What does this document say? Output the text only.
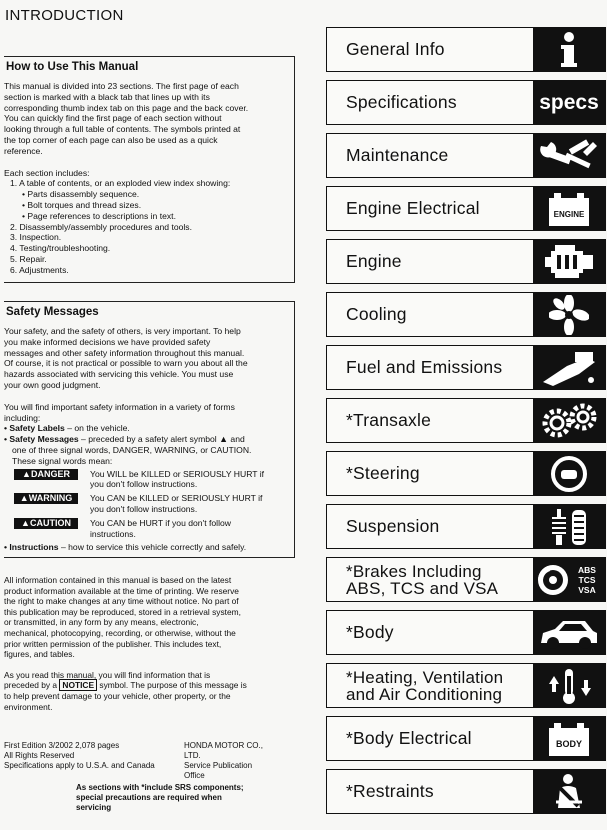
INTRODUCTION
How to Use This Manual

This manual is divided into 23 sections. The first page of each

section is marked with a black tab that lines up with its

corresponding thumb index tab on this page and the back cover.

You can quickly find the first page of each section without

looking through a full table of contents. The symbols printed at

the top corner of each page can also be used as a quick

reference.

Each section includes:

1. A table of contents, or an exploded view index showing:

• Parts disassembly sequence.

• Bolt torques and thread sizes.

• Page references to descriptions in text.

2. Disassembly/assembly procedures and tools.

3. Inspection.

4. Testing/troubleshooting.

5. Repair.

6. Adjustments.

Safety Messages

Your safety, and the safety of others, is very important. To help

you make informed decisions we have provided safety

messages and other safety information throughout this manual.

Of course, it is not practical or possible to warn you about all the

hazards associated with servicing this vehicle. You must use

your own good judgment.

You will find important safety information in a variety of forms

including:

• Safety Labels – on the vehicle.

• Safety Messages – preceded by a safety alert symbol ▲ and

one of three signal words, DANGER, WARNING, or CAUTION.

These signal words mean:

▲DANGER	You WILL be KILLED or SERIOUSLY HURT if
you don't follow instructions.
▲WARNING	You CAN be KILLED or SERIOUSLY HURT if
you don't follow instructions.
▲CAUTION	You CAN be HURT if you don't follow
instructions.

• Instructions – how to service this vehicle correctly and safely.

All information contained in this manual is based on the latest

product information available at the time of printing. We reserve

the right to make changes at any time without notice. No part of

this publication may be reproduced, stored in a retrieval system,

or transmitted, in any form by any means, electronic,

mechanical, photocopying, recording, or otherwise, without the

prior written permission of the publisher. This includes text,

figures, and tables.

As you read this manual, you will find information that is

preceded by a NOTICE symbol. The purpose of this message is

to help prevent damage to your vehicle, other property, or the

environment.

First Edition 3/2002 2,078 pages
All Rights Reserved
Specifications apply to U.S.A. and Canada
HONDA MOTOR CO.,
LTD.
Service Publication
Office
As sections with *include SRS components;
special precautions are required when
servicing
General Info
Specifications	specs
Maintenance
Engine Electrical
−	+
ENGINE
Engine
Cooling
Fuel and Emissions
*Transaxle
*Steering
Suspension
*Brakes Including
ABS, TCS and VSA
ABS
TCS
VSA
*Body
*Heating, Ventilation
and Air Conditioning
*Body Electrical	BODY
*Restraints
